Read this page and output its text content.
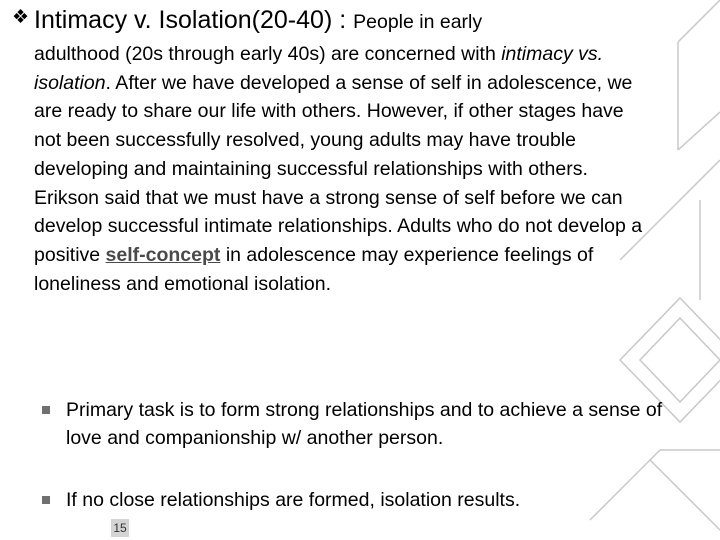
❖ Intimacy v. Isolation(20-40) : People in early

adulthood (20s through early 40s) are concerned with intimacy vs. isolation. After we have developed a sense of self in adolescence, we are ready to share our life with others. However, if other stages have not been successfully resolved, young adults may have trouble developing and maintaining successful relationships with others. Erikson said that we must have a strong sense of self before we can develop successful intimate relationships. Adults who do not develop a positive self-concept in adolescence may experience feelings of loneliness and emotional isolation.

Primary task is to form strong relationships and to achieve a sense of love and companionship w/ another person.
If no close relationships are formed, isolation results.
15
